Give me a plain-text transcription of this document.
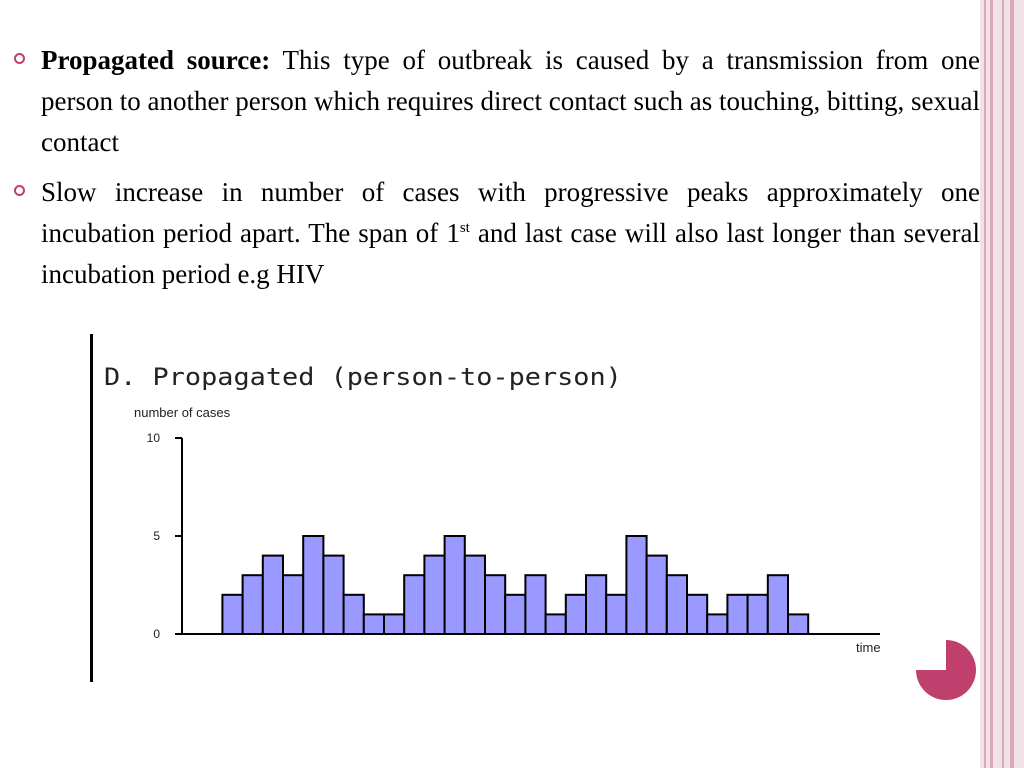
Propagated source: This type of outbreak is caused by a transmission from one person to another person which requires direct contact such as touching, bitting, sexual contact
Slow increase in number of cases with progressive peaks approximately one incubation period apart. The span of 1st and last case will also last longer than several incubation period e.g HIV
D. Propagated (person-to-person)
number of cases
time
0
5
10
